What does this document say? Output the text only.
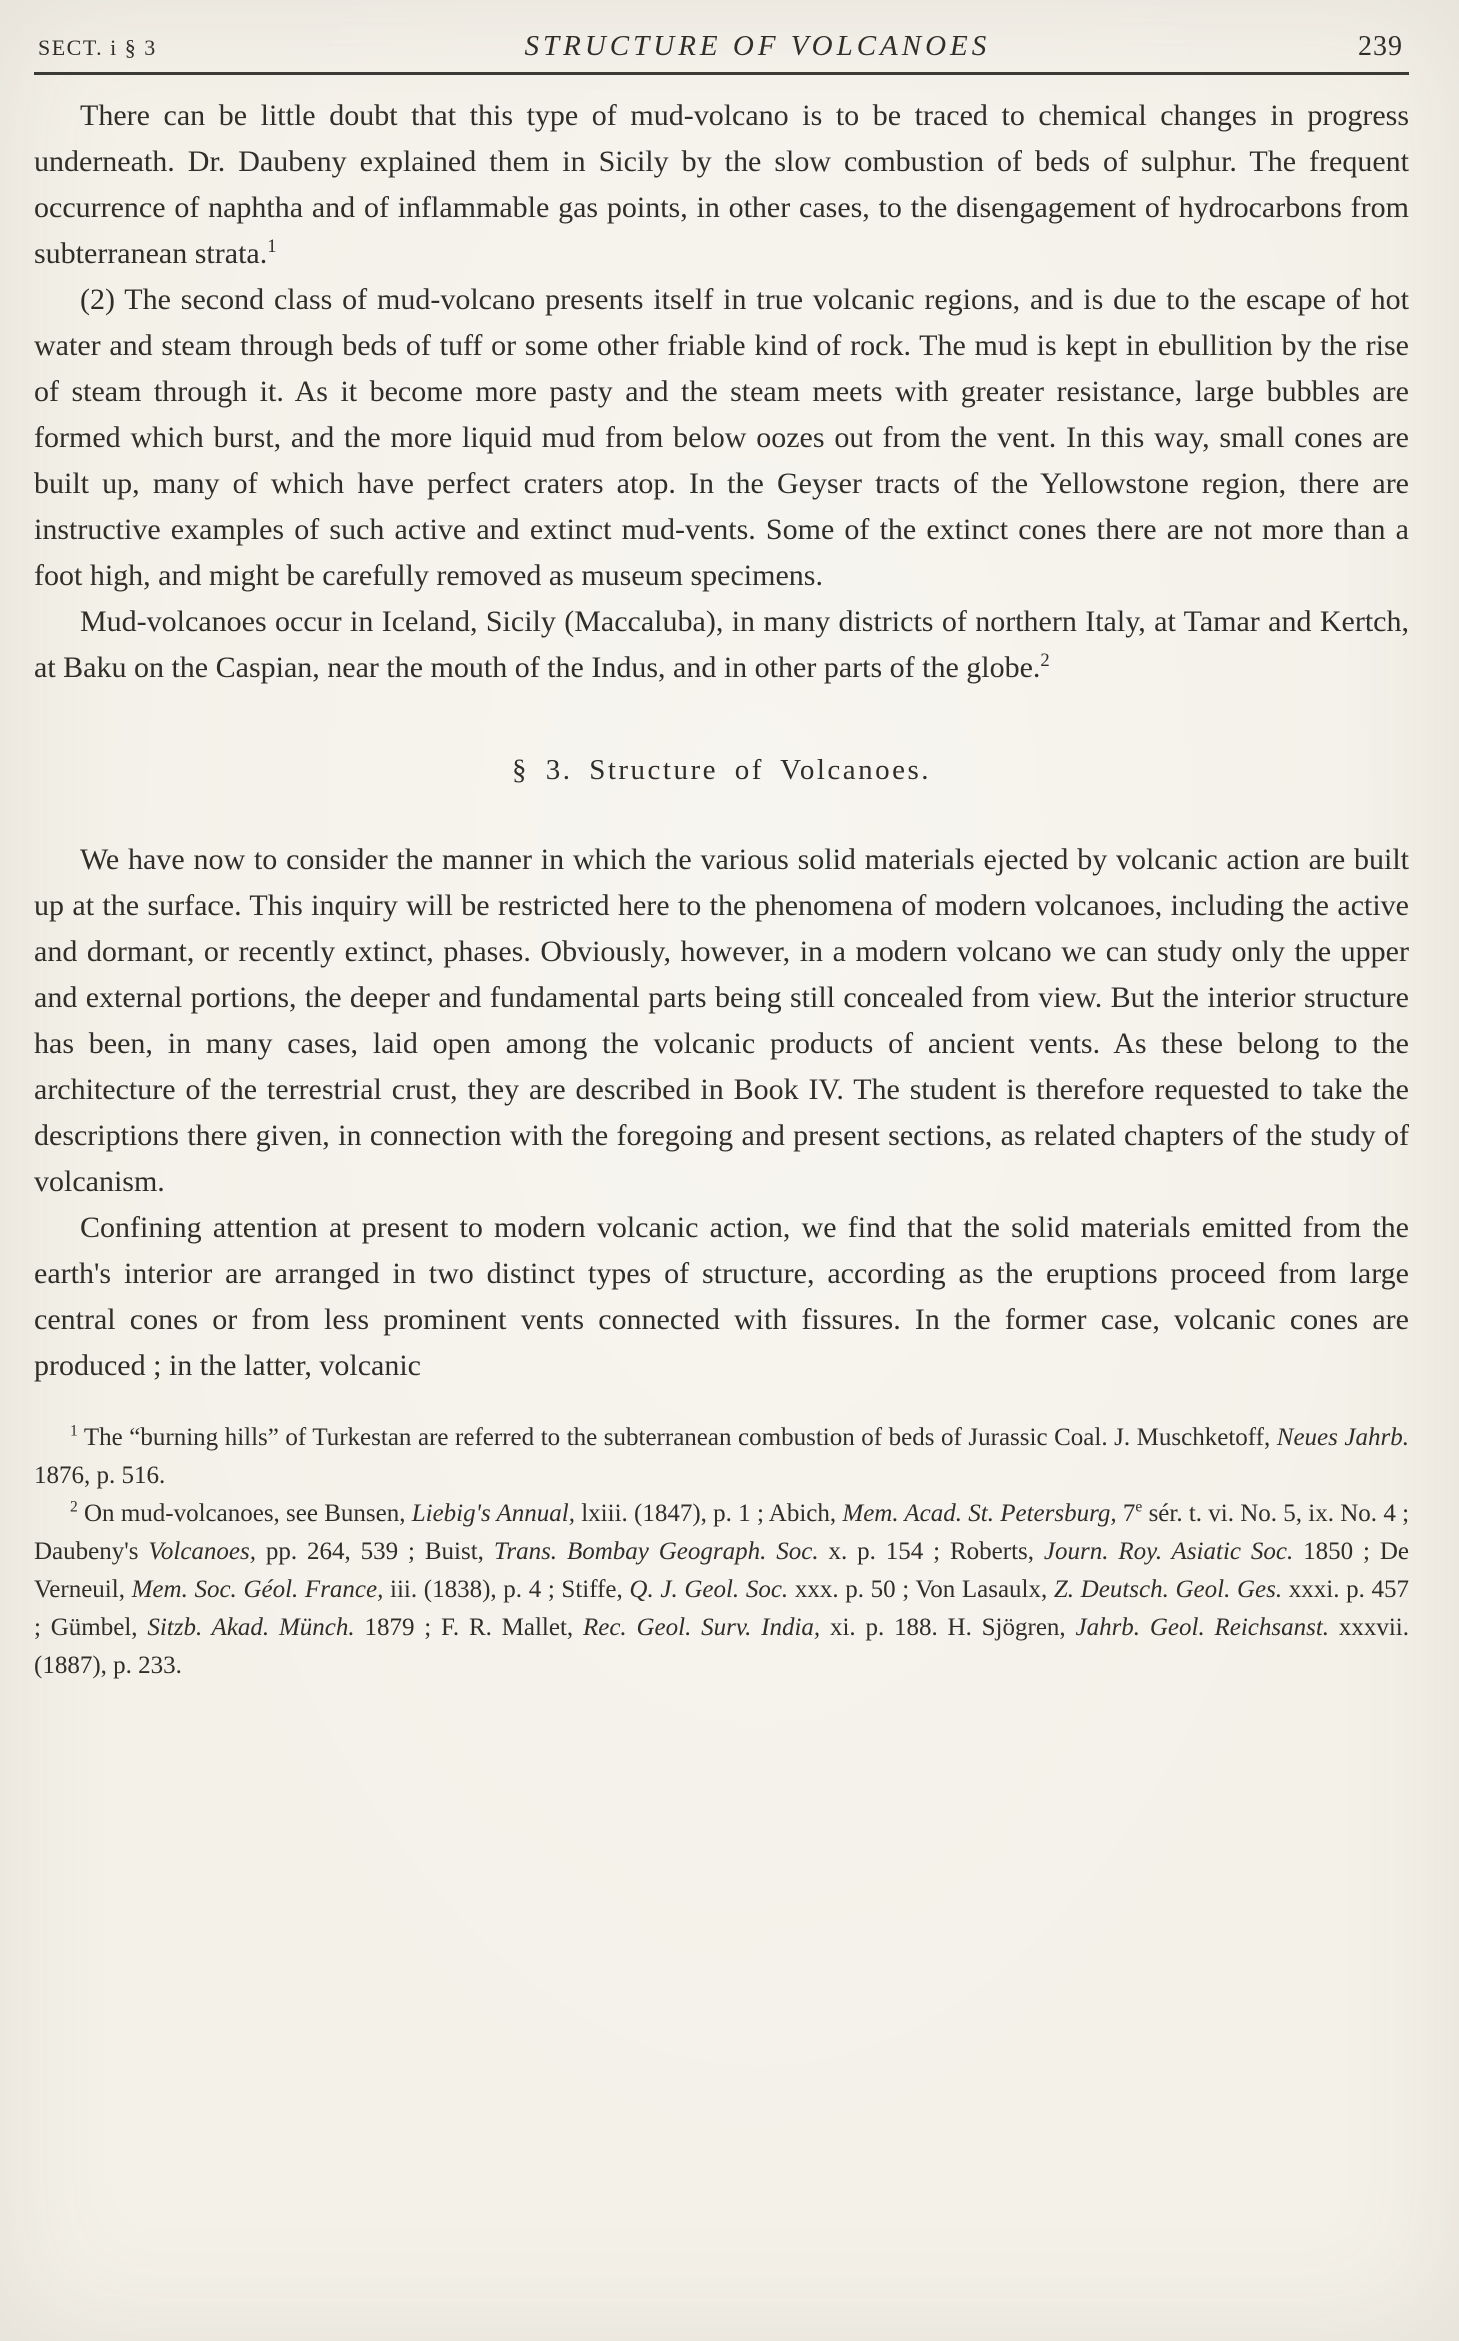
SECT. i § 3	STRUCTURE OF VOLCANOES	239

There can be little doubt that this type of mud-volcano is to be traced to chemical changes in progress underneath. Dr. Daubeny explained them in Sicily by the slow combustion of beds of sulphur. The frequent occurrence of naphtha and of inflammable gas points, in other cases, to the disengagement of hydrocarbons from subterranean strata.$^1$

(2) The second class of mud-volcano presents itself in true volcanic regions, and is due to the escape of hot water and steam through beds of tuff or some other friable kind of rock. The mud is kept in ebullition by the rise of steam through it. As it become more pasty and the steam meets with greater resistance, large bubbles are formed which burst, and the more liquid mud from below oozes out from the vent. In this way, small cones are built up, many of which have perfect craters atop. In the Geyser tracts of the Yellowstone region, there are instructive examples of such active and extinct mud-vents. Some of the extinct cones there are not more than a foot high, and might be carefully removed as museum specimens.

Mud-volcanoes occur in Iceland, Sicily (Maccaluba), in many districts of northern Italy, at Tamar and Kertch, at Baku on the Caspian, near the mouth of the Indus, and in other parts of the globe.$^2$

§ 3. Structure of Volcanoes.

We have now to consider the manner in which the various solid materials ejected by volcanic action are built up at the surface. This inquiry will be restricted here to the phenomena of modern volcanoes, including the active and dormant, or recently extinct, phases. Obviously, however, in a modern volcano we can study only the upper and external portions, the deeper and fundamental parts being still concealed from view. But the interior structure has been, in many cases, laid open among the volcanic products of ancient vents. As these belong to the architecture of the terrestrial crust, they are described in Book IV. The student is therefore requested to take the descriptions there given, in connection with the foregoing and present sections, as related chapters of the study of volcanism.

Confining attention at present to modern volcanic action, we find that the solid materials emitted from the earth's interior are arranged in two distinct types of structure, according as the eruptions proceed from large central cones or from less prominent vents connected with fissures. In the former case, volcanic cones are produced ; in the latter, volcanic

$^1$ The “burning hills” of Turkestan are referred to the subterranean combustion of beds of Jurassic Coal. J. Muschketoff, Neues Jahrb. 1876, p. 516.

$^2$ On mud-volcanoes, see Bunsen, Liebig's Annual, lxiii. (1847), p. 1 ; Abich, Mem. Acad. St. Petersburg, 7e sér. t. vi. No. 5, ix. No. 4 ; Daubeny's Volcanoes, pp. 264, 539 ; Buist, Trans. Bombay Geograph. Soc. x. p. 154 ; Roberts, Journ. Roy. Asiatic Soc. 1850 ; De Verneuil, Mem. Soc. Géol. France, iii. (1838), p. 4 ; Stiffe, Q. J. Geol. Soc. xxx. p. 50 ; Von Lasaulx, Z. Deutsch. Geol. Ges. xxxi. p. 457 ; Gümbel, Sitzb. Akad. Münch. 1879 ; F. R. Mallet, Rec. Geol. Surv. India, xi. p. 188. H. Sjögren, Jahrb. Geol. Reichsanst. xxxvii. (1887), p. 233.
